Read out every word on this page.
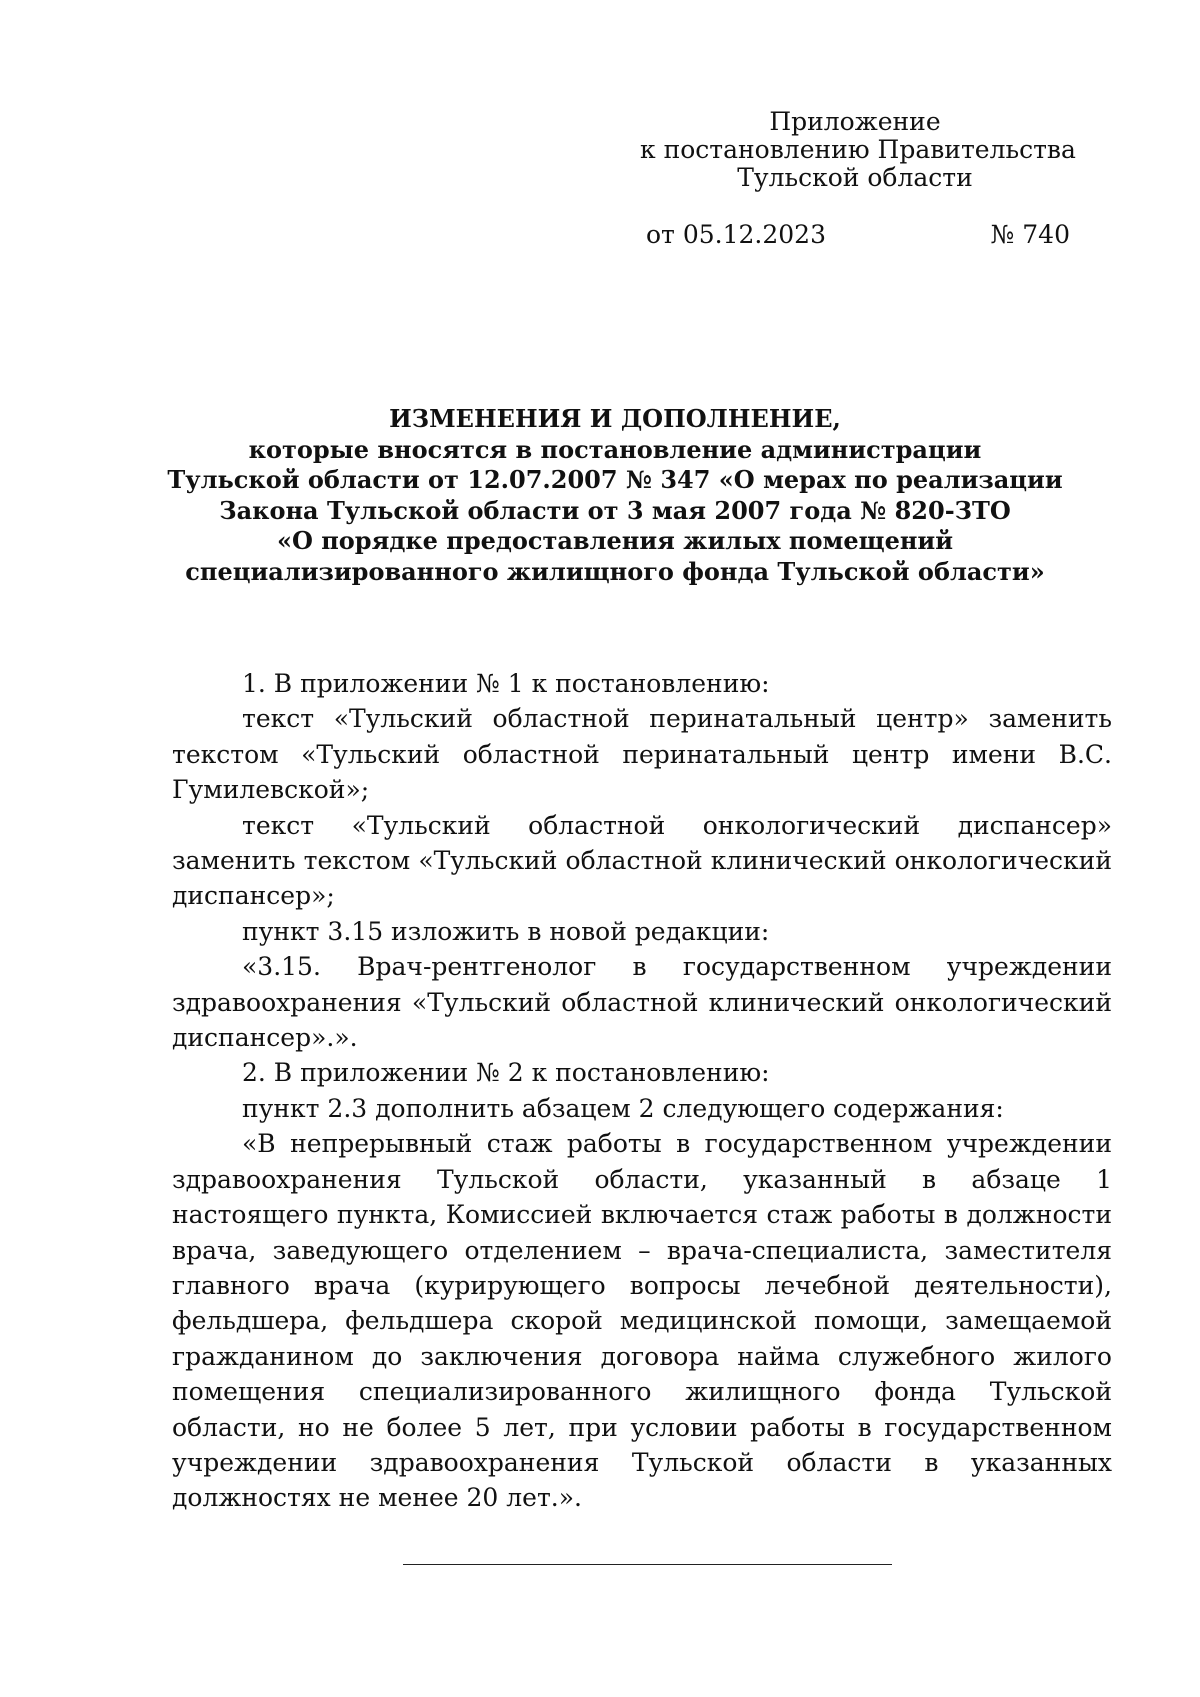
Приложение
к постановлению Правительства
Тульской области
от 05.12.2023	№ 740
ИЗМЕНЕНИЯ И ДОПОЛНЕНИЕ,
которые вносятся в постановление администрации
Тульской области от 12.07.2007 № 347 «О мерах по реализации
Закона Тульской области от 3 мая 2007 года № 820-ЗТО
«О порядке предоставления жилых помещений
специализированного жилищного фонда Тульской области»

1. В приложении № 1 к постановлению:

текст «Тульский областной перинатальный центр» заменить текстом «Тульский областной перинатальный центр имени В.С. Гумилевской»;

текст «Тульский областной онкологический диспансер» заменить текстом «Тульский областной клинический онкологический диспансер»;

пункт 3.15 изложить в новой редакции:

«3.15. Врач-рентгенолог в государственном учреждении здравоохранения «Тульский областной клинический онкологический диспансер».».

2. В приложении № 2 к постановлению:

пункт 2.3 дополнить абзацем 2 следующего содержания:

«В непрерывный стаж работы в государственном учреждении здравоохранения Тульской области, указанный в абзаце 1 настоящего пункта, Комиссией включается стаж работы в должности врача, заведующего отделением – врача-специалиста, заместителя главного врача (курирующего вопросы лечебной деятельности), фельдшера, фельдшера скорой медицинской помощи, замещаемой гражданином до заключения договора найма служебного жилого помещения специализированного жилищного фонда Тульской области, но не более 5 лет, при условии работы в государственном учреждении здравоохранения Тульской области в указанных должностях не менее 20 лет.».
